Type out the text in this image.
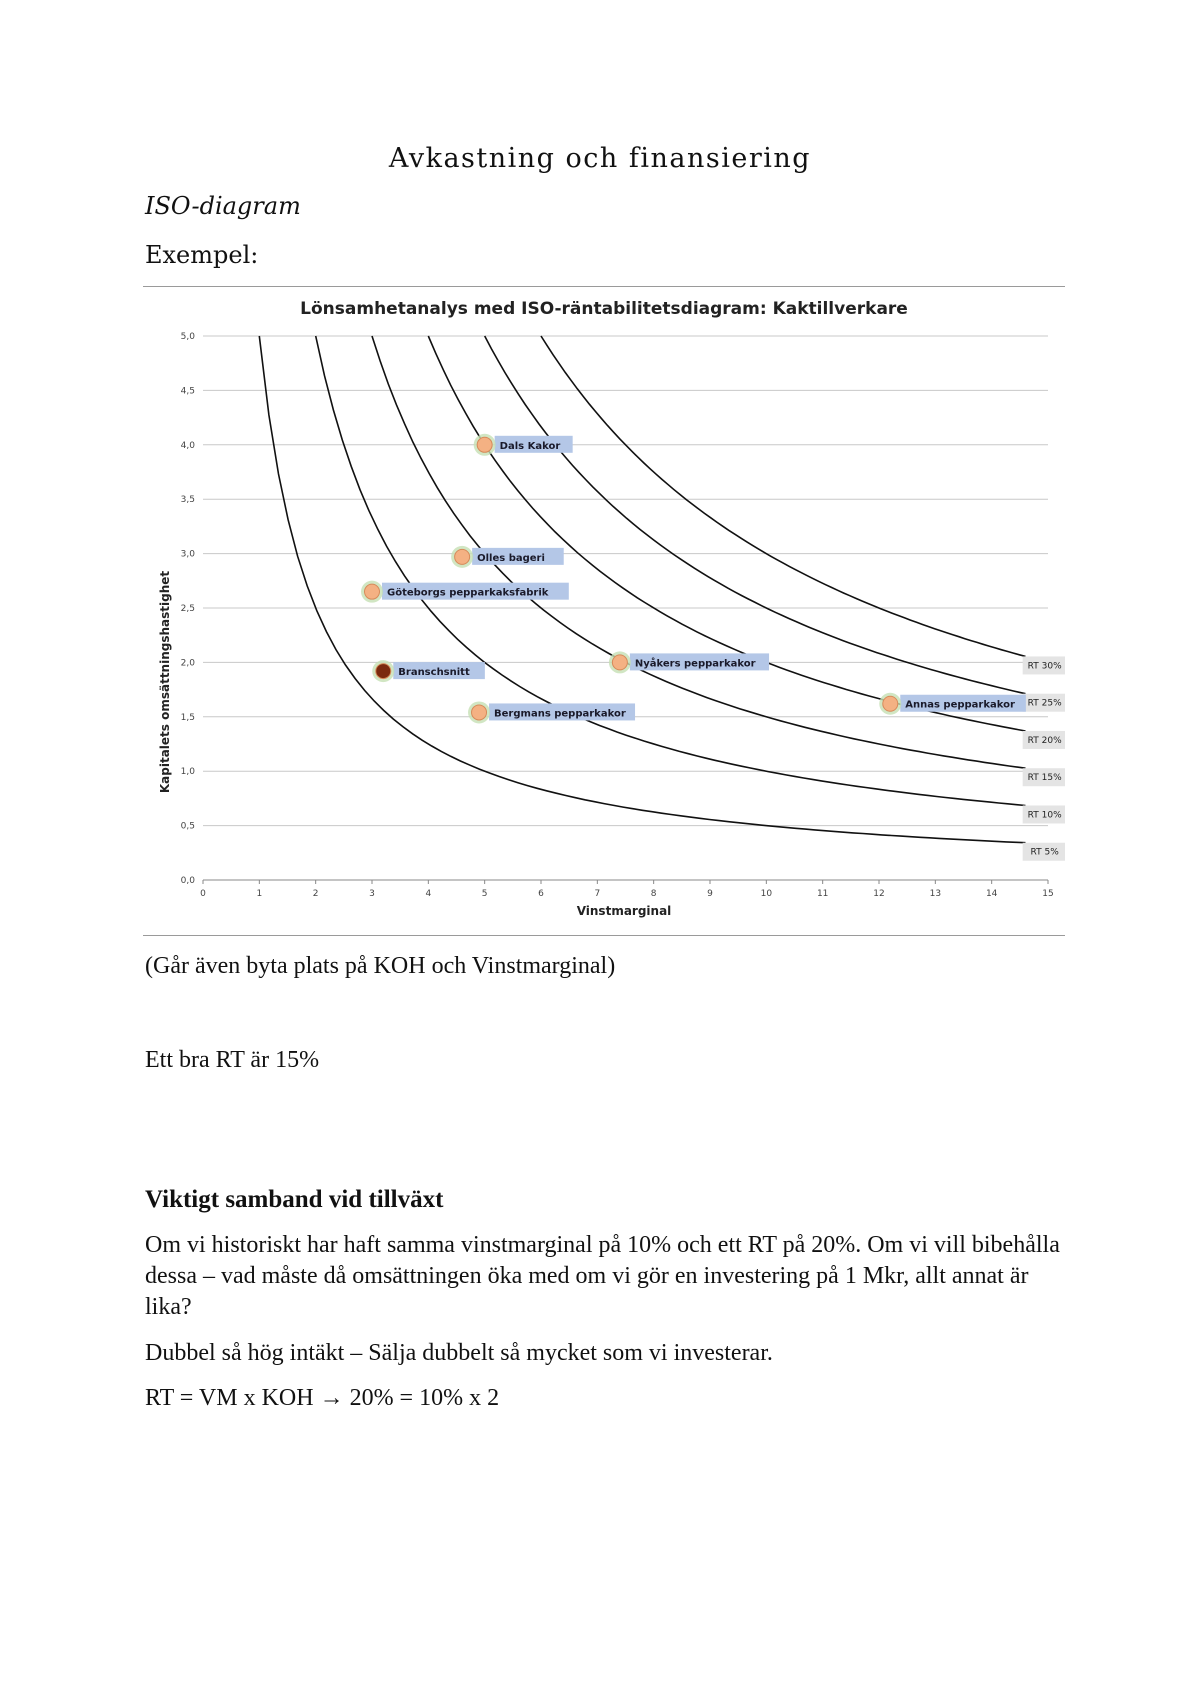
Avkastning och finansiering
ISO-diagram
Exempel:
Lönsamhetanalys med ISO-räntabilitetsdiagram: Kaktillverkare
RT 5%
RT 10%
RT 15%
RT 20%
RT 25%
RT 30%
Dals Kakor
Olles bageri
Göteborgs pepparkaksfabrik
Branschsnitt
Nyåkers pepparkakor
Bergmans pepparkakor
Annas pepparkakor
0,0
0,5
1,0
1,5
2,0
2,5
3,0
3,5
4,0
4,5
5,0
0	1	2	3	4	5	6	7	8	9	10	11	12	13	14	15
Vinstmarginal
Kapitalets omsättningshastighet
(Går även byta plats på KOH och Vinstmarginal)
Ett bra RT är 15%
Viktigt samband vid tillväxt
Om vi historiskt har haft samma vinstmarginal på 10% och ett RT på 20%. Om vi vill bibehålla dessa – vad måste då omsättningen öka med om vi gör en investering på 1 Mkr, allt annat är lika?
Dubbel så hög intäkt – Sälja dubbelt så mycket som vi investerar.
RT = VM x KOH → 20% = 10% x 2
